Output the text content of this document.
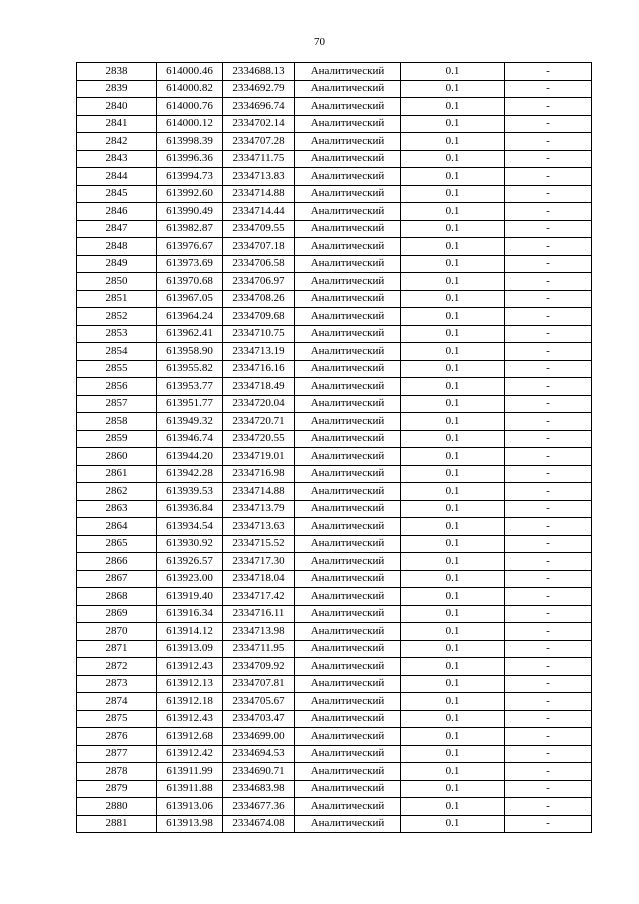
70
2838	614000.46	2334688.13	Аналитический	0.1	-
2839	614000.82	2334692.79	Аналитический	0.1	-
2840	614000.76	2334696.74	Аналитический	0.1	-
2841	614000.12	2334702.14	Аналитический	0.1	-
2842	613998.39	2334707.28	Аналитический	0.1	-
2843	613996.36	2334711.75	Аналитический	0.1	-
2844	613994.73	2334713.83	Аналитический	0.1	-
2845	613992.60	2334714.88	Аналитический	0.1	-
2846	613990.49	2334714.44	Аналитический	0.1	-
2847	613982.87	2334709.55	Аналитический	0.1	-
2848	613976.67	2334707.18	Аналитический	0.1	-
2849	613973.69	2334706.58	Аналитический	0.1	-
2850	613970.68	2334706.97	Аналитический	0.1	-
2851	613967.05	2334708.26	Аналитический	0.1	-
2852	613964.24	2334709.68	Аналитический	0.1	-
2853	613962.41	2334710.75	Аналитический	0.1	-
2854	613958.90	2334713.19	Аналитический	0.1	-
2855	613955.82	2334716.16	Аналитический	0.1	-
2856	613953.77	2334718.49	Аналитический	0.1	-
2857	613951.77	2334720.04	Аналитический	0.1	-
2858	613949.32	2334720.71	Аналитический	0.1	-
2859	613946.74	2334720.55	Аналитический	0.1	-
2860	613944.20	2334719.01	Аналитический	0.1	-
2861	613942.28	2334716.98	Аналитический	0.1	-
2862	613939.53	2334714.88	Аналитический	0.1	-
2863	613936.84	2334713.79	Аналитический	0.1	-
2864	613934.54	2334713.63	Аналитический	0.1	-
2865	613930.92	2334715.52	Аналитический	0.1	-
2866	613926.57	2334717.30	Аналитический	0.1	-
2867	613923.00	2334718.04	Аналитический	0.1	-
2868	613919.40	2334717.42	Аналитический	0.1	-
2869	613916.34	2334716.11	Аналитический	0.1	-
2870	613914.12	2334713.98	Аналитический	0.1	-
2871	613913.09	2334711.95	Аналитический	0.1	-
2872	613912.43	2334709.92	Аналитический	0.1	-
2873	613912.13	2334707.81	Аналитический	0.1	-
2874	613912.18	2334705.67	Аналитический	0.1	-
2875	613912.43	2334703.47	Аналитический	0.1	-
2876	613912.68	2334699.00	Аналитический	0.1	-
2877	613912.42	2334694.53	Аналитический	0.1	-
2878	613911.99	2334690.71	Аналитический	0.1	-
2879	613911.88	2334683.98	Аналитический	0.1	-
2880	613913.06	2334677.36	Аналитический	0.1	-
2881	613913.98	2334674.08	Аналитический	0.1	-
